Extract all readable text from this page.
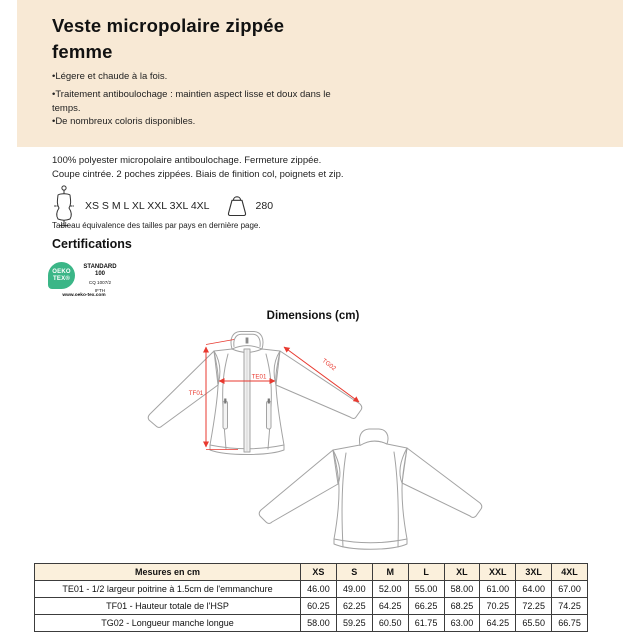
Veste micropolaire zippée
femme
•Légere et chaude à la fois.
•Traitement antiboulochage : maintien aspect lisse et doux dans le temps.
•De nombreux coloris disponibles.
100% polyester micropolaire antiboulochage. Fermeture zippée.
Coupe cintrée. 2 poches zippées. Biais de finition col, poignets et zip.
XS S M L XL XXL 3XL 4XL	280
Tableau équivalence des tailles par pays en dernière page.
Certifications
OEKO
TEX®
STANDARD
100
CQ 1007/2
IFTH
www.oeko-tex.com
Dimensions (cm)
TF01
TE01
TG02
Mesures en cm	XS	S	M	L	XL	XXL	3XL	4XL
TE01 - 1/2 largeur poitrine à 1.5cm de l'emmanchure	46.00	49.00	52.00	55.00	58.00	61.00	64.00	67.00
TF01 - Hauteur totale de l'HSP	60.25	62.25	64.25	66.25	68.25	70.25	72.25	74.25
TG02 - Longueur manche longue	58.00	59.25	60.50	61.75	63.00	64.25	65.50	66.75
